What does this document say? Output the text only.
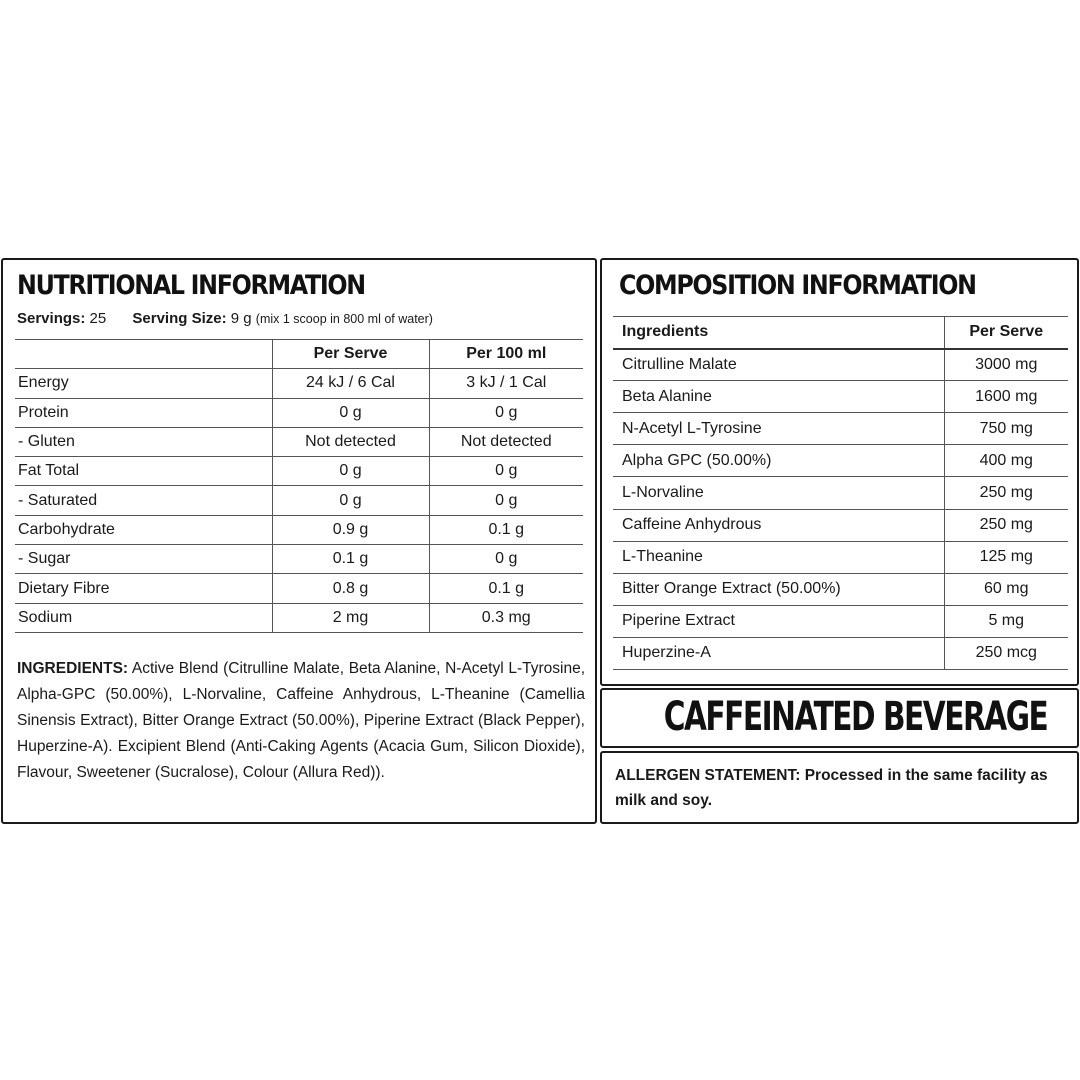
NUTRITIONAL INFORMATION
Servings: 25 Serving Size: 9 g (mix 1 scoop in 800 ml of water)
	Per Serve	Per 100 ml
Energy	24 kJ / 6 Cal	3 kJ / 1 Cal
Protein	0 g	0 g
- Gluten	Not detected	Not detected
Fat Total	0 g	0 g
- Saturated	0 g	0 g
Carbohydrate	0.9 g	0.1 g
- Sugar	0.1 g	0 g
Dietary Fibre	0.8 g	0.1 g
Sodium	2 mg	0.3 mg
INGREDIENTS: Active Blend (Citrulline Malate, Beta Alanine, N-Acetyl L-Tyrosine, Alpha-GPC (50.00%), L-Norvaline, Caffeine Anhydrous, L-Theanine (Camellia Sinensis Extract), Bitter Orange Extract (50.00%), Piperine Extract (Black Pepper), Huperzine-A). Excipient Blend (Anti-Caking Agents (Acacia Gum, Silicon Dioxide), Flavour, Sweetener (Sucralose), Colour (Allura Red)).
COMPOSITION INFORMATION
Ingredients	Per Serve
Citrulline Malate	3000 mg
Beta Alanine	1600 mg
N-Acetyl L-Tyrosine	750 mg
Alpha GPC (50.00%)	400 mg
L-Norvaline	250 mg
Caffeine Anhydrous	250 mg
L-Theanine	125 mg
Bitter Orange Extract (50.00%)	60 mg
Piperine Extract	5 mg
Huperzine-A	250 mcg
CAFFEINATED BEVERAGE
ALLERGEN STATEMENT: Processed in the same facility as milk and soy.
